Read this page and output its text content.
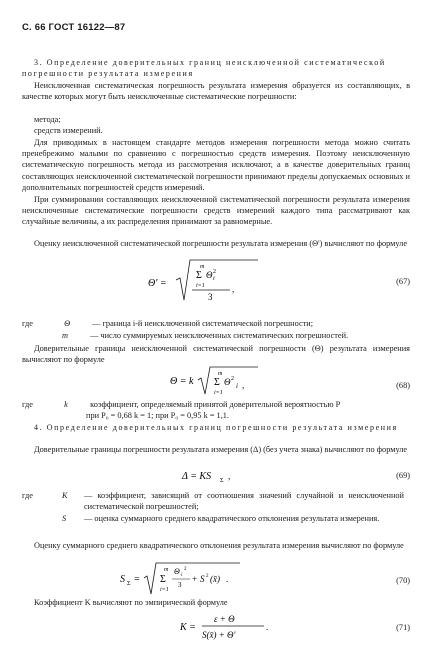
С. 66 ГОСТ 16122—87
3. Определение доверительных границ неисключенной систематической погрешности результата измерения
Неисключенная систематическая погрешность результата измерения образуется из составляющих, в качестве которых могут быть неисключенные систематические погрешности:
метода;
средств измерений.
Для приводимых в настоящем стандарте методов измерения погрешности метода можно считать пренебрежимо малыми по сравнению с погрешностью средств измерения. Поэтому неисключенную систематическую погрешность метода из рассмотрения исключают, а в качестве доверительных границ составляющих неисключенной систематической погрешности принимают пределы допускаемых основных и дополнительных погрешностей средств измерений.
При суммировании составляющих неисключенной систематической погрешности результата измерения неисключенные систематические погрешности средств измерений каждого типа рассматривают как случайные величины, а их распределения принимают за равномерные.
Оценку неисключенной систематической погрешности результата измерения (Θ') вычисляют по формуле
Θ' =
m
Σ Θ 2
i
i=1
3
,
(67)
где	Θ	— граница i-й неисключенной систематической погрешности;
m	— число суммируемых неисключенных систематических погрешностей.
Доверительные границы неисключенной систематической погрешности (Θ) результата измерения вычисляют по формуле
Θ = k
m
Σ Θ 2
i
i=1
,	(68)
где	k	коэффициент, определяемый принятой доверительной вероятностью P
при P₀ = 0,68 k = 1; при P₀ = 0,95 k = 1,1.
4. Определение доверительных границ погрешности результата измерения
Доверительные границы погрешности результата измерения (Δ) (без учета знака) вычисляют по формуле
Δ = KS Σ ,	(69)
где	K — коэффициент, зависящий от соотношения значений случайной и неисключенной систематической погрешностей;
S — оценка суммарного среднего квадратического отклонения результата измерения.
Оценку суммарного среднего квадратического отклонения результата измерения вычисляют по формуле
S Σ =
m
Σ
Θ i
2
3
+ S 2 (x̄) .
i=1
(70)
Коэффициент K вычисляют по эмпирической формуле
K =
ε + Θ
S(x̄) + Θ'
.	(71)
